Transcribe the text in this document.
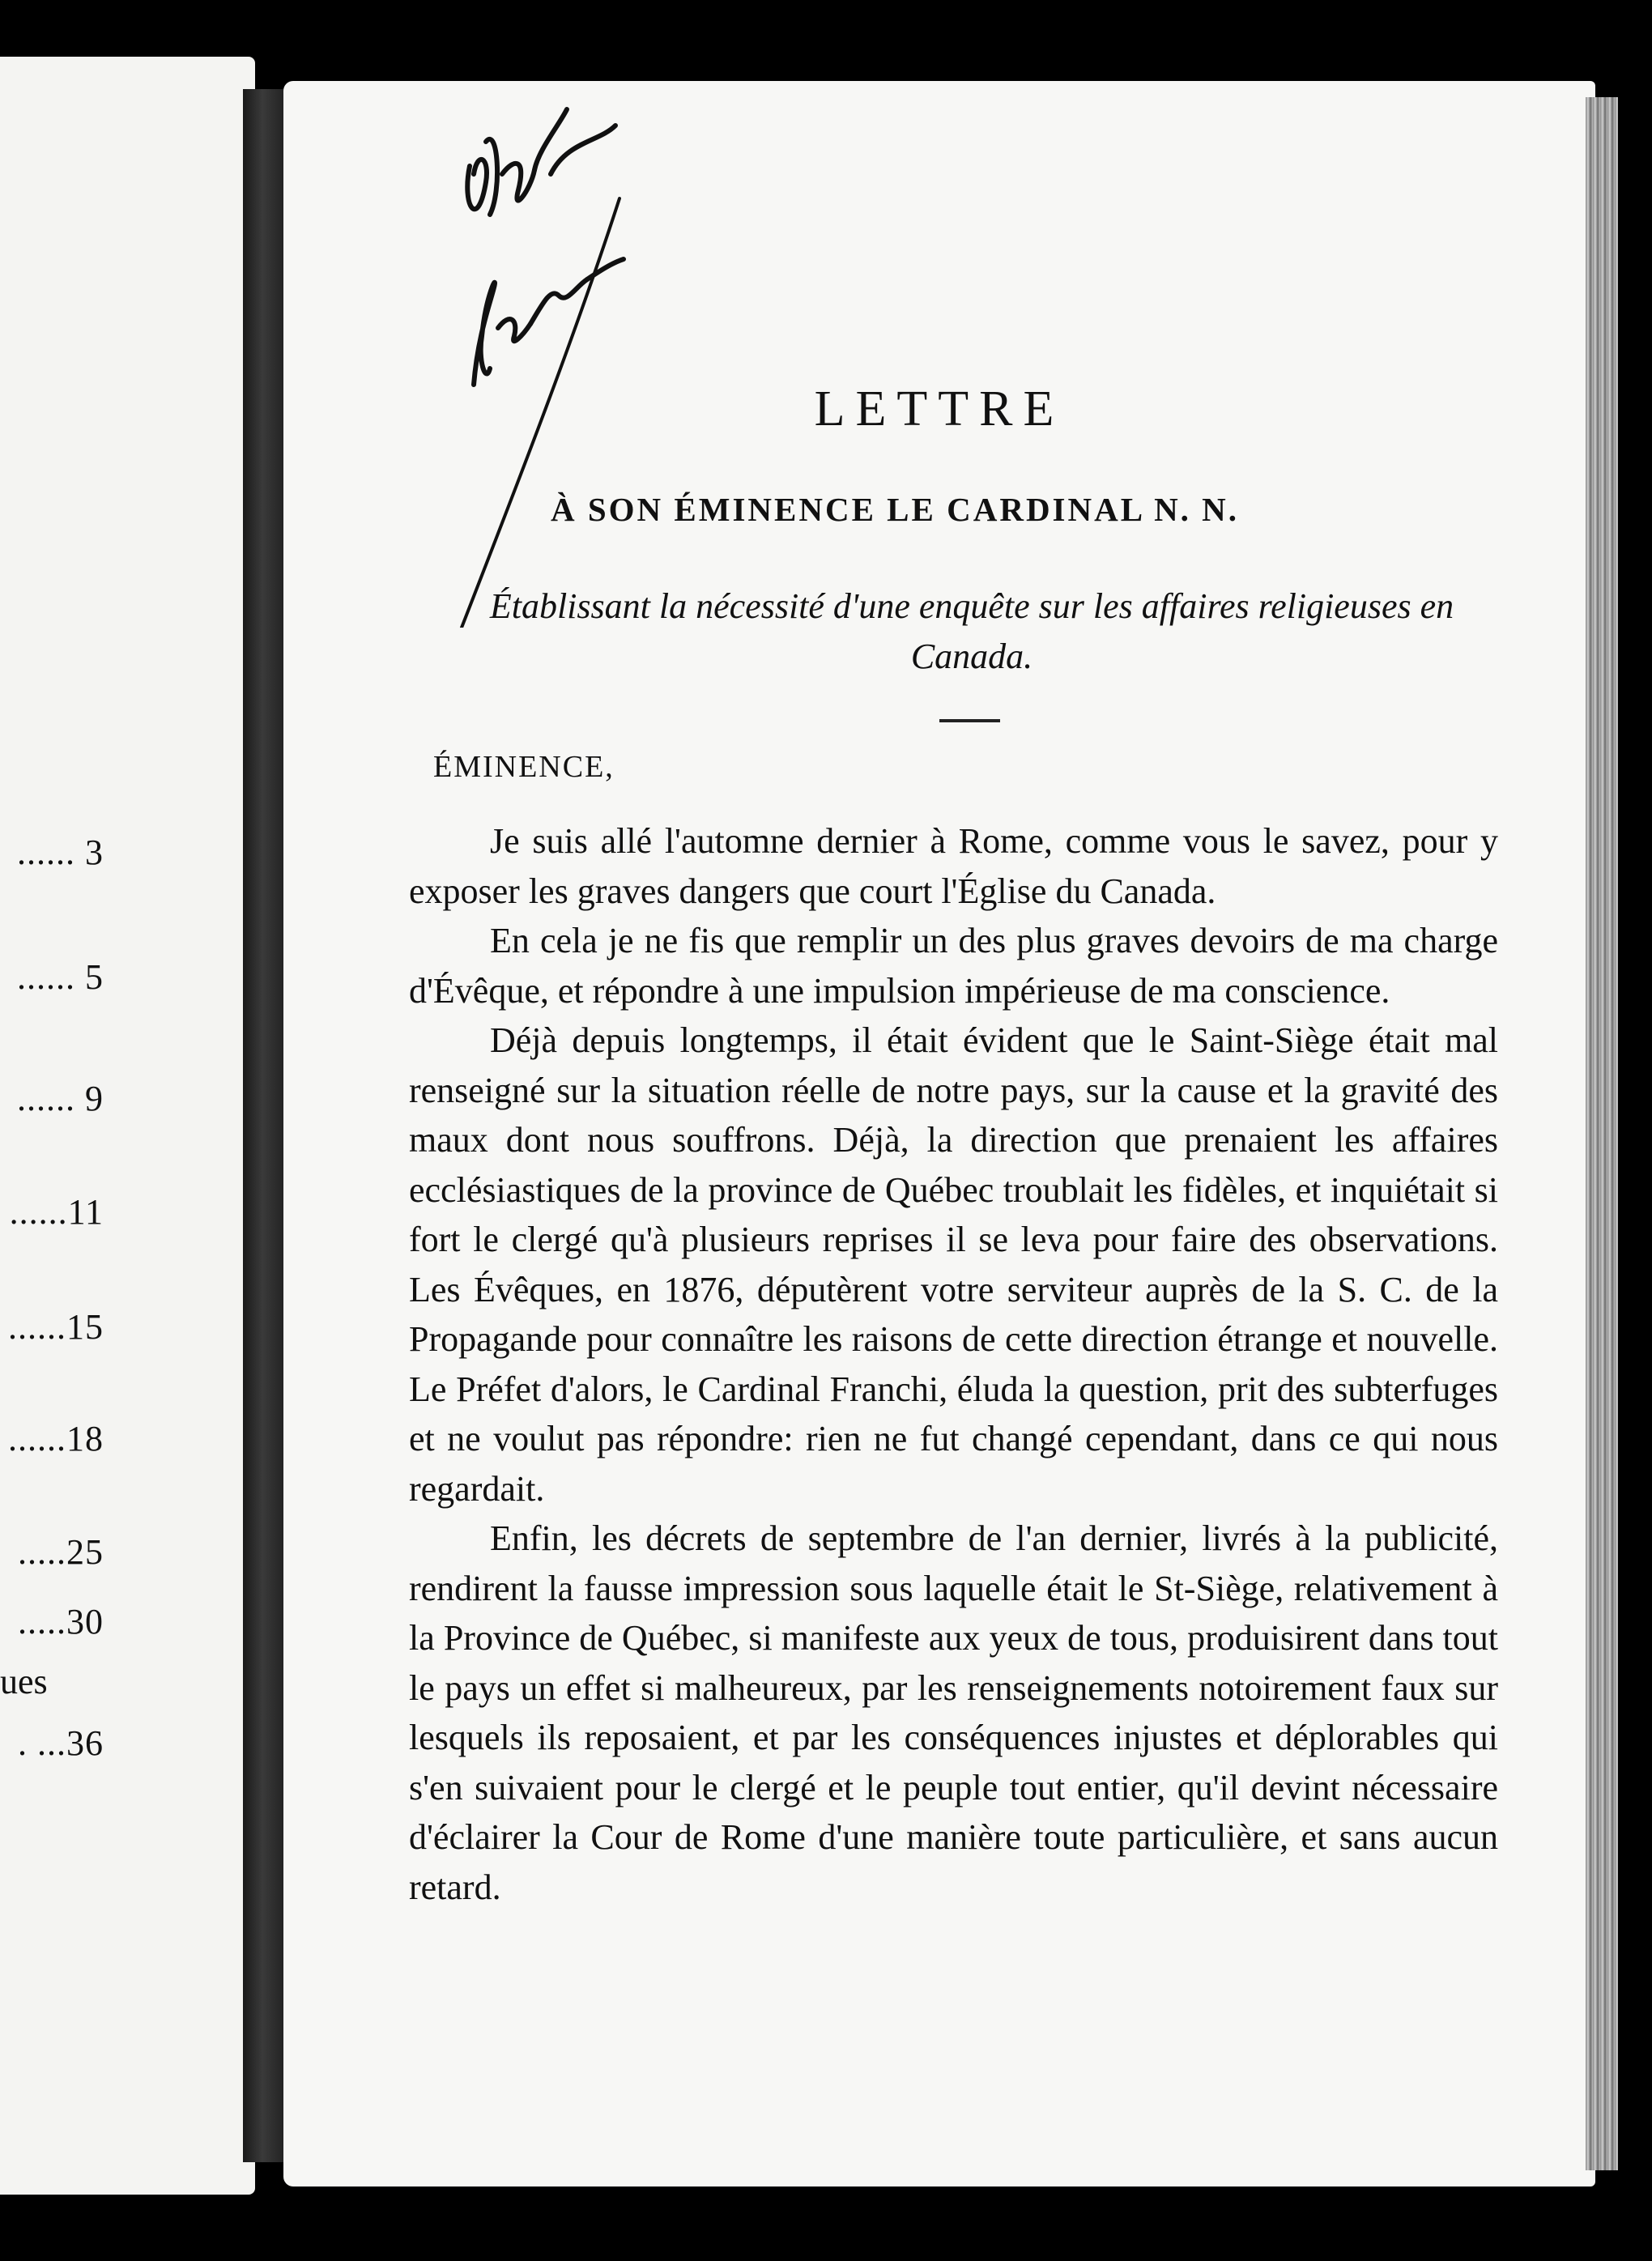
...... 3
...... 5
...... 9
......11
......15
......18
.....25
.....30
ues
. ...36
LETTRE
À SON ÉMINENCE LE CARDINAL N. N.

Établissant la nécessité d'une enquête sur les affaires religieuses en Canada.

ÉMINENCE,

Je suis allé l'automne dernier à Rome, comme vous le savez, pour y exposer les graves dangers que court l'Église du Canada.

En cela je ne fis que remplir un des plus graves devoirs de ma charge d'Évêque, et répondre à une impulsion impérieuse de ma conscience.

Déjà depuis longtemps, il était évident que le Saint-Siège était mal renseigné sur la situation réelle de notre pays, sur la cause et la gravité des maux dont nous souffrons. Déjà, la direction que prenaient les affaires ecclésiastiques de la province de Québec troublait les fidèles, et inquiétait si fort le clergé qu'à plusieurs reprises il se leva pour faire des observations. Les Évêques, en 1876, députèrent votre serviteur auprès de la S. C. de la Propagande pour connaître les raisons de cette direction étrange et nouvelle. Le Préfet d'alors, le Cardinal Franchi, éluda la question, prit des subterfuges et ne voulut pas répondre: rien ne fut changé cependant, dans ce qui nous regardait.

Enfin, les décrets de septembre de l'an dernier, livrés à la publicité, rendirent la fausse impression sous laquelle était le St-Siège, relativement à la Province de Québec, si manifeste aux yeux de tous, produisirent dans tout le pays un effet si malheureux, par les renseignements notoirement faux sur lesquels ils reposaient, et par les conséquences injustes et déplorables qui s'en suivaient pour le clergé et le peuple tout entier, qu'il devint nécessaire d'éclairer la Cour de Rome d'une manière toute particulière, et sans aucun retard.
